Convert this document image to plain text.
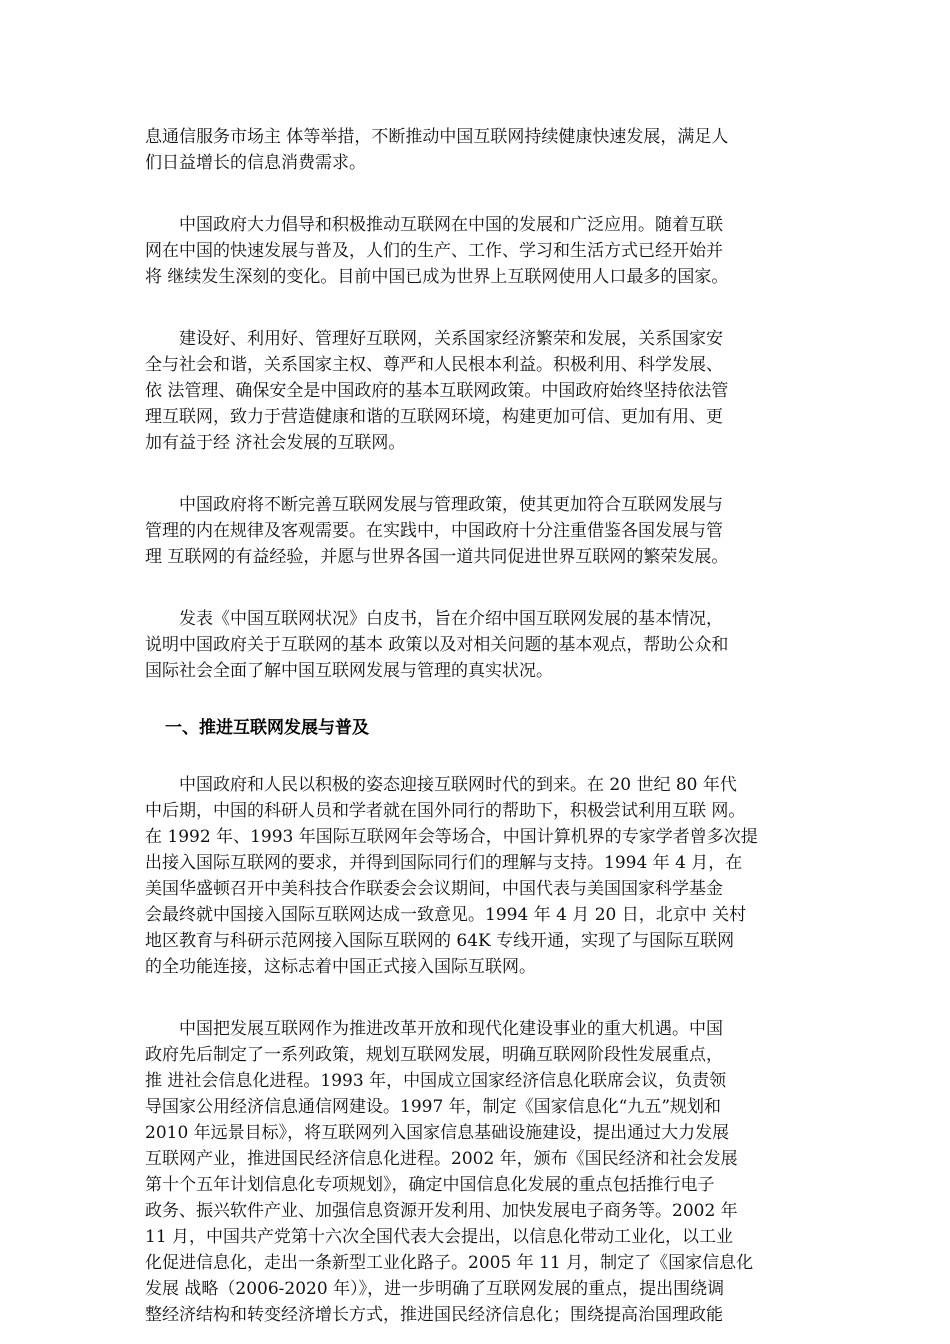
息通信服务市场主 体等举措，不断推动中国互联网持续健康快速发展，满足人
们日益增长的信息消费需求。
　　中国政府大力倡导和积极推动互联网在中国的发展和广泛应用。随着互联
网在中国的快速发展与普及，人们的生产、工作、学习和生活方式已经开始并
将 继续发生深刻的变化。目前中国已成为世界上互联网使用人口最多的国家。
　　建设好、利用好、管理好互联网，关系国家经济繁荣和发展，关系国家安
全与社会和谐，关系国家主权、尊严和人民根本利益。积极利用、科学发展、
依 法管理、确保安全是中国政府的基本互联网政策。中国政府始终坚持依法管
理互联网，致力于营造健康和谐的互联网环境，构建更加可信、更加有用、更
加有益于经 济社会发展的互联网。
　　中国政府将不断完善互联网发展与管理政策，使其更加符合互联网发展与
管理的内在规律及客观需要。在实践中，中国政府十分注重借鉴各国发展与管
理 互联网的有益经验，并愿与世界各国一道共同促进世界互联网的繁荣发展。
　　发表《中国互联网状况》白皮书，旨在介绍中国互联网发展的基本情况，
说明中国政府关于互联网的基本 政策以及对相关问题的基本观点，帮助公众和
国际社会全面了解中国互联网发展与管理的真实状况。
一、推进互联网发展与普及
　　中国政府和人民以积极的姿态迎接互联网时代的到来。在 20 世纪 80 年代
中后期，中国的科研人员和学者就在国外同行的帮助下，积极尝试利用互联 网。
在 1992 年、1993 年国际互联网年会等场合，中国计算机界的专家学者曾多次提
出接入国际互联网的要求，并得到国际同行们的理解与支持。1994 年 4 月，在
美国华盛顿召开中美科技合作联委会会议期间，中国代表与美国国家科学基金
会最终就中国接入国际互联网达成一致意见。1994 年 4 月 20 日，北京中 关村
地区教育与科研示范网接入国际互联网的 64K 专线开通，实现了与国际互联网
的全功能连接，这标志着中国正式接入国际互联网。
　　中国把发展互联网作为推进改革开放和现代化建设事业的重大机遇。中国
政府先后制定了一系列政策，规划互联网发展，明确互联网阶段性发展重点，
推 进社会信息化进程。1993 年，中国成立国家经济信息化联席会议，负责领
导国家公用经济信息通信网建设。1997 年，制定《国家信息化“九五”规划和
2010 年远景目标》，将互联网列入国家信息基础设施建设，提出通过大力发展
互联网产业，推进国民经济信息化进程。2002 年，颁布《国民经济和社会发展
第十个五年计划信息化专项规划》，确定中国信息化发展的重点包括推行电子
政务、振兴软件产业、加强信息资源开发利用、加快发展电子商务等。2002 年
11 月，中国共产党第十六次全国代表大会提出，以信息化带动工业化，以工业
化促进信息化，走出一条新型工业化路子。2005 年 11 月，制定了《国家信息化
发展 战略（2006-2020 年）》，进一步明确了互联网发展的重点，提出围绕调
整经济结构和转变经济增长方式，推进国民经济信息化；围绕提高治国理政能
